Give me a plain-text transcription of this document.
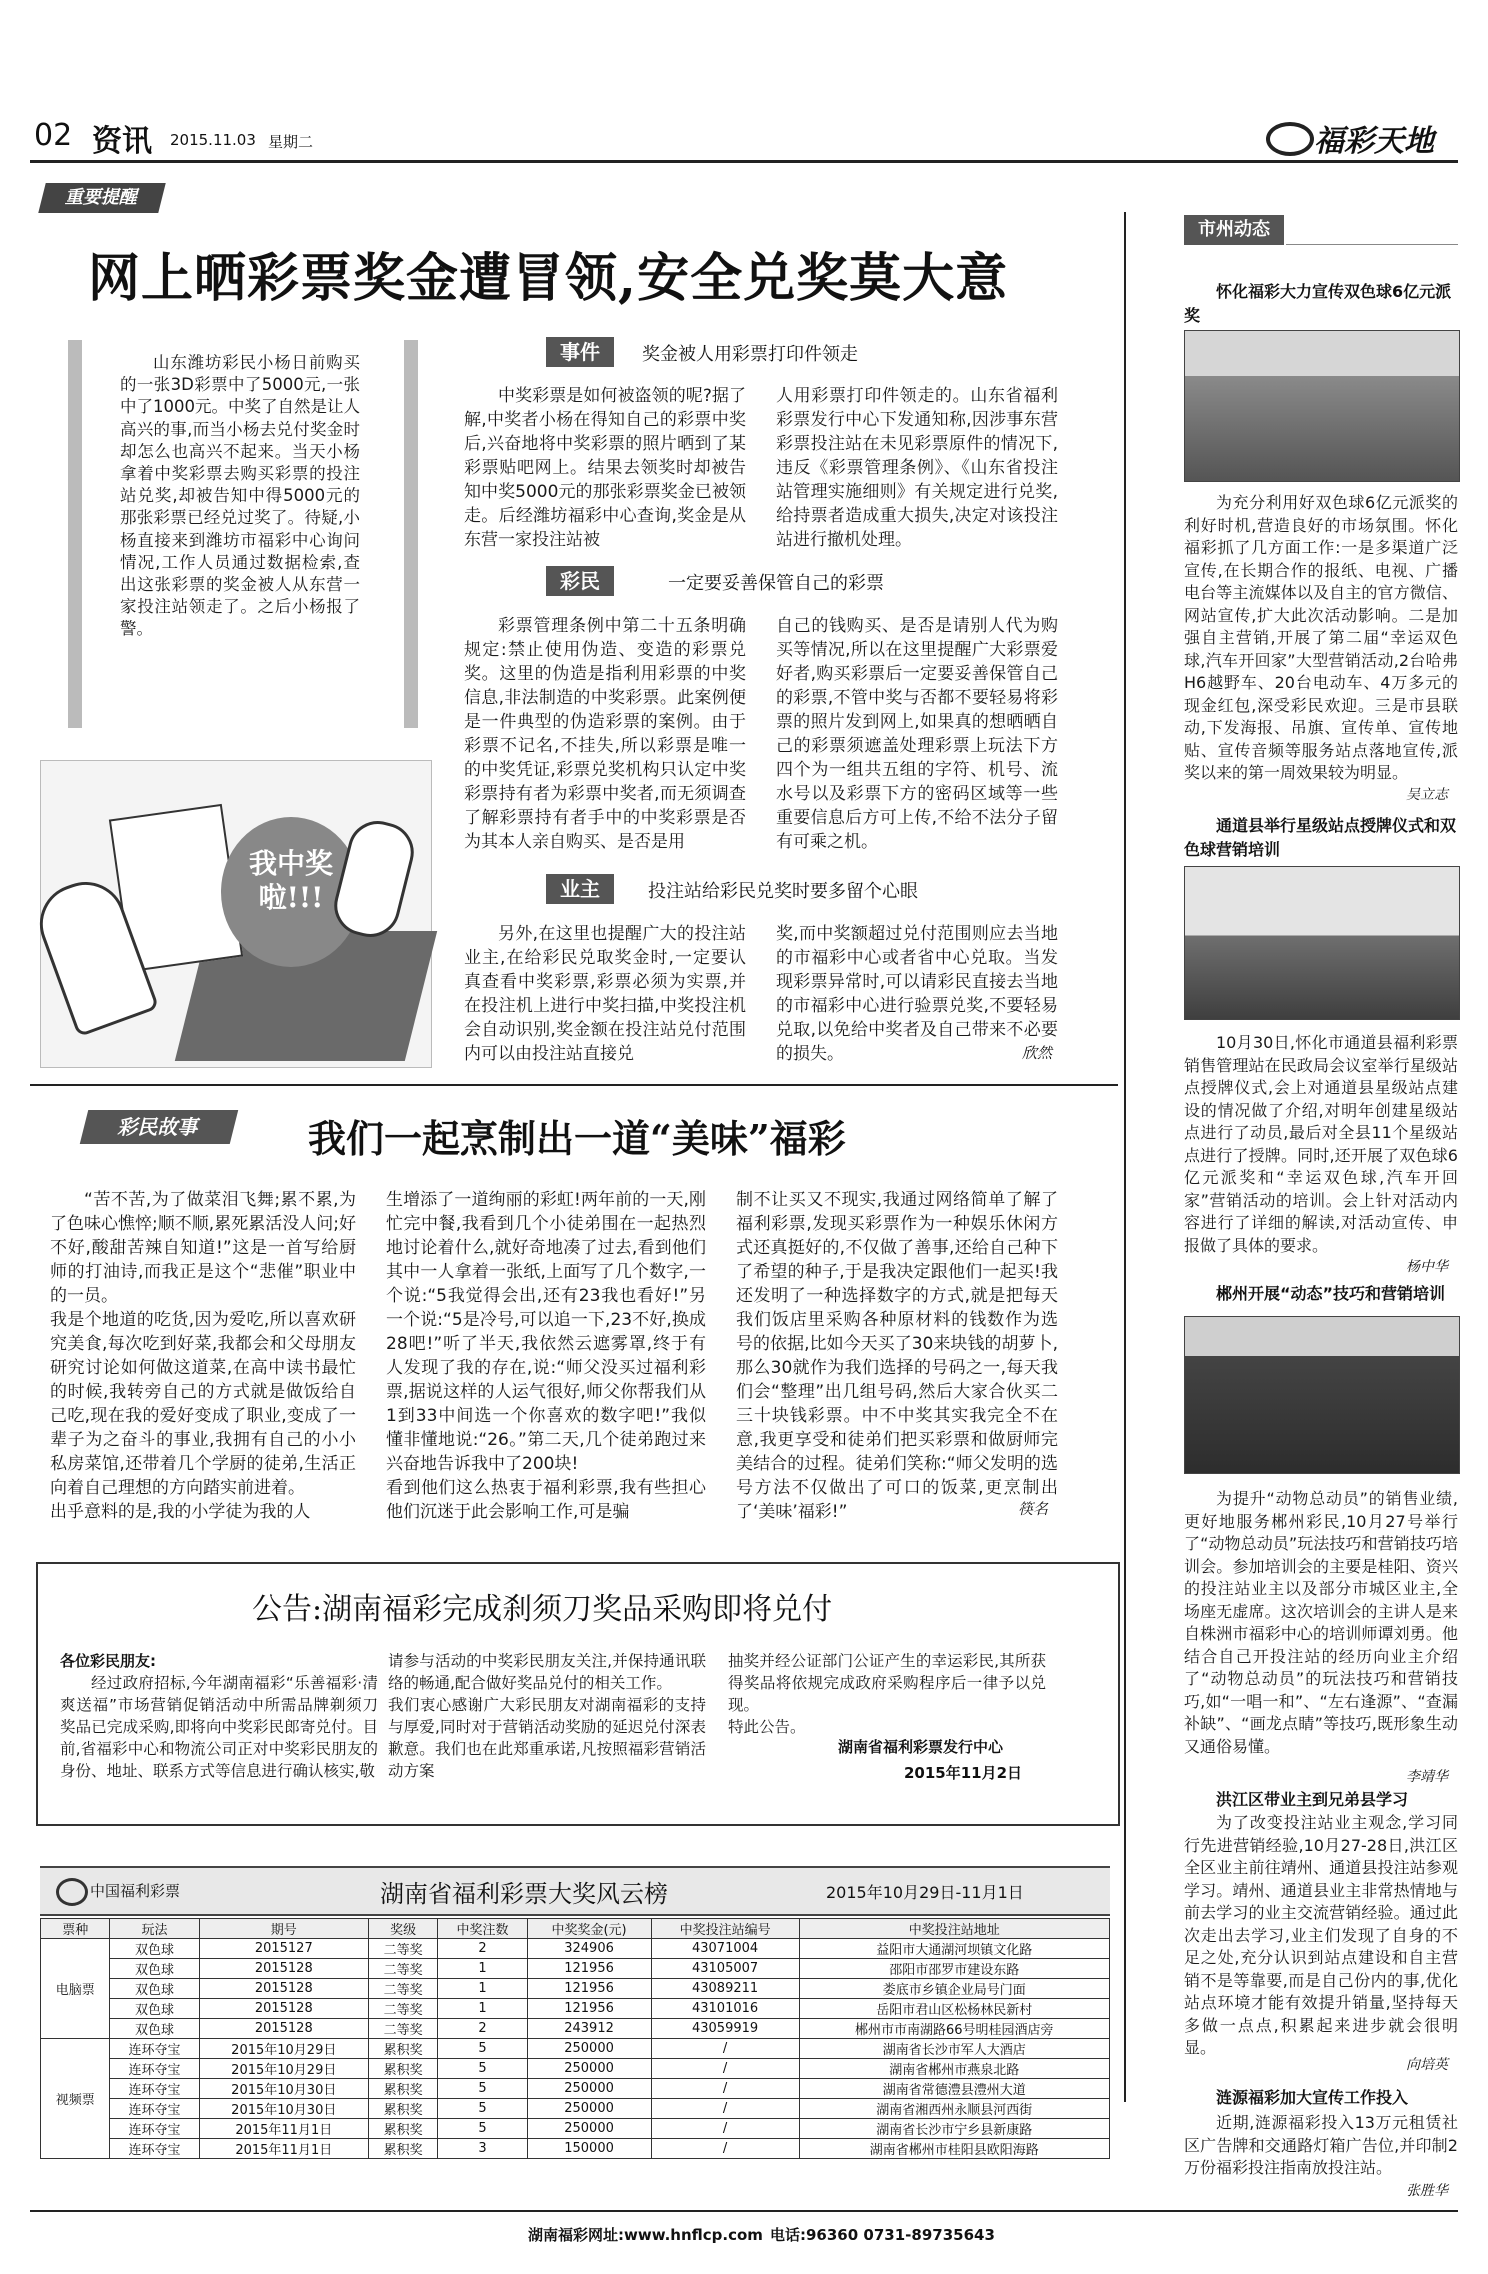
02 资讯 2015.11.03 星期二	福彩天地
重要提醒
网上晒彩票奖金遭冒领,安全兑奖莫大意
山东潍坊彩民小杨日前购买的一张3D彩票中了5000元,一张中了1000元。中奖了自然是让人高兴的事,而当小杨去兑付奖金时却怎么也高兴不起来。当天小杨拿着中奖彩票去购买彩票的投注站兑奖,却被告知中得5000元的那张彩票已经兑过奖了。待疑,小杨直接来到潍坊市福彩中心询问情况,工作人员通过数据检索,查出这张彩票的奖金被人从东营一家投注站领走了。之后小杨报了警。
我中奖啦!!!
事件	奖金被人用彩票打印件领走
中奖彩票是如何被盗领的呢?据了解,中奖者小杨在得知自己的彩票中奖后,兴奋地将中奖彩票的照片晒到了某彩票贴吧网上。结果去领奖时却被告知中奖5000元的那张彩票奖金已被领走。后经潍坊福彩中心查询,奖金是从东营一家投注站被
人用彩票打印件领走的。山东省福利彩票发行中心下发通知称,因涉事东营彩票投注站在未见彩票原件的情况下,违反《彩票管理条例》、《山东省投注站管理实施细则》有关规定进行兑奖,给持票者造成重大损失,决定对该投注站进行撤机处理。
彩民	一定要妥善保管自己的彩票
彩票管理条例中第二十五条明确规定:禁止使用伪造、变造的彩票兑奖。这里的伪造是指利用彩票的中奖信息,非法制造的中奖彩票。此案例便是一件典型的伪造彩票的案例。由于彩票不记名,不挂失,所以彩票是唯一的中奖凭证,彩票兑奖机构只认定中奖彩票持有者为彩票中奖者,而无须调查了解彩票持有者手中的中奖彩票是否为其本人亲自购买、是否是用
自己的钱购买、是否是请别人代为购买等情况,所以在这里提醒广大彩票爱好者,购买彩票后一定要妥善保管自己的彩票,不管中奖与否都不要轻易将彩票的照片发到网上,如果真的想晒晒自己的彩票须遮盖处理彩票上玩法下方四个为一组共五组的字符、机号、流水号以及彩票下方的密码区域等一些重要信息后方可上传,不给不法分子留有可乘之机。
业主	投注站给彩民兑奖时要多留个心眼
另外,在这里也提醒广大的投注站业主,在给彩民兑取奖金时,一定要认真查看中奖彩票,彩票必须为实票,并在投注机上进行中奖扫描,中奖投注机会自动识别,奖金额在投注站兑付范围内可以由投注站直接兑
奖,而中奖额超过兑付范围则应去当地的市福彩中心或者省中心兑取。当发现彩票异常时,可以请彩民直接去当地的市福彩中心进行验票兑奖,不要轻易兑取,以免给中奖者及自己带来不必要的损失。	欣然
彩民故事	我们一起烹制出一道“美味”福彩
“苦不苦,为了做菜泪飞舞;累不累,为了色味心憔悴;顺不顺,累死累活没人问;好不好,酸甜苦辣自知道!”这是一首写给厨师的打油诗,而我正是这个“悲催”职业中的一员。
我是个地道的吃货,因为爱吃,所以喜欢研究美食,每次吃到好菜,我都会和父母朋友研究讨论如何做这道菜,在高中读书最忙的时候,我转旁自己的方式就是做饭给自己吃,现在我的爱好变成了职业,变成了一辈子为之奋斗的事业,我拥有自己的小小私房菜馆,还带着几个学厨的徒弟,生活正向着自己理想的方向踏实前进着。
出乎意料的是,我的小学徒为我的人
生增添了一道绚丽的彩虹!两年前的一天,刚忙完中餐,我看到几个小徒弟围在一起热烈地讨论着什么,就好奇地凑了过去,看到他们其中一人拿着一张纸,上面写了几个数字,一个说:“5我觉得会出,还有23我也看好!”另一个说:“5是冷号,可以追一下,23不好,换成28吧!”听了半天,我依然云遮雾罩,终于有人发现了我的存在,说:“师父没买过福利彩票,据说这样的人运气很好,师父你帮我们从1到33中间选一个你喜欢的数字吧!”我似懂非懂地说:“26。”第二天,几个徒弟跑过来兴奋地告诉我中了200块!
看到他们这么热衷于福利彩票,我有些担心他们沉迷于此会影响工作,可是骗
制不让买又不现实,我通过网络简单了解了福利彩票,发现买彩票作为一种娱乐休闲方式还真挺好的,不仅做了善事,还给自己种下了希望的种子,于是我决定跟他们一起买!我还发明了一种选择数字的方式,就是把每天我们饭店里采购各种原材料的钱数作为选号的依据,比如今天买了30来块钱的胡萝卜,那么30就作为我们选择的号码之一,每天我们会“整理”出几组号码,然后大家合伙买二三十块钱彩票。中不中奖其实我完全不在意,我更享受和徒弟们把买彩票和做厨师完美结合的过程。徒弟们笑称:“师父发明的选号方法不仅做出了可口的饭菜,更烹制出了‘美味’福彩!”	筷名
公告:湖南福彩完成刹须刀奖品采购即将兑付
各位彩民朋友:
经过政府招标,今年湖南福彩“乐善福彩·清爽送福”市场营销促销活动中所需品牌剃须刀奖品已完成采购,即将向中奖彩民郎寄兑付。目前,省福彩中心和物流公司正对中奖彩民朋友的身份、地址、联系方式等信息进行确认核实,敬
请参与活动的中奖彩民朋友关注,并保持通讯联络的畅通,配合做好奖品兑付的相关工作。
我们衷心感谢广大彩民朋友对湖南福彩的支持与厚爱,同时对于营销活动奖励的延迟兑付深表歉意。我们也在此郑重承诺,凡按照福彩营销活动方案
抽奖并经公证部门公证产生的幸运彩民,其所获得奖品将依规完成政府采购程序后一律予以兑现。
特此公告。
湖南省福利彩票发行中心
2015年11月2日
中国福利彩票	湖南省福利彩票大奖风云榜	2015年10月29日-11月1日
票种	玩法	期号	奖级	中奖注数	中奖奖金(元)	中奖投注站编号	中奖投注站地址
电脑票	双色球	2015127	二等奖	2	324906	43071004	益阳市大通湖河坝镇文化路
	双色球	2015128	二等奖	1	121956	43105007	邵阳市邵罗市建设东路
	双色球	2015128	二等奖	1	121956	43089211	娄底市乡镇企业局号门面
	双色球	2015128	二等奖	1	121956	43101016	岳阳市君山区松杨林民新村
	双色球	2015128	二等奖	2	243912	43059919	郴州市市南湖路66号明桂园酒店旁
视频票	连环夺宝	2015年10月29日	累积奖	5	250000	/	湖南省长沙市军人大酒店
	连环夺宝	2015年10月29日	累积奖	5	250000	/	湖南省郴州市燕泉北路
	连环夺宝	2015年10月30日	累积奖	5	250000	/	湖南省常德澧县澧州大道
	连环夺宝	2015年10月30日	累积奖	5	250000	/	湖南省湘西州永顺县河西街
	连环夺宝	2015年11月1日	累积奖	5	250000	/	湖南省长沙市宁乡县新康路
	连环夺宝	2015年11月1日	累积奖	3	150000	/	湖南省郴州市桂阳县欧阳海路
市州动态
怀化福彩大力宣传双色球6亿元派奖
为充分利用好双色球6亿元派奖的利好时机,营造良好的市场氛围。怀化福彩抓了几方面工作:一是多渠道广泛宣传,在长期合作的报纸、电视、广播电台等主流媒体以及自主的官方微信、网站宣传,扩大此次活动影响。二是加强自主营销,开展了第二届“幸运双色球,汽车开回家”大型营销活动,2台哈弗H6越野车、20台电动车、4万多元的现金红包,深受彩民欢迎。三是市县联动,下发海报、吊旗、宣传单、宣传地贴、宣传音频等服务站点落地宣传,派奖以来的第一周效果较为明显。
吴立志
通道县举行星级站点授牌仪式和双色球营销培训
10月30日,怀化市通道县福利彩票销售管理站在民政局会议室举行星级站点授牌仪式,会上对通道县星级站点建设的情况做了介绍,对明年创建星级站点进行了动员,最后对全县11个星级站点进行了授牌。同时,还开展了双色球6亿元派奖和“幸运双色球,汽车开回家”营销活动的培训。会上针对活动内容进行了详细的解读,对活动宣传、申报做了具体的要求。
杨中华
郴州开展“动态”技巧和营销培训
为提升“动物总动员”的销售业绩,更好地服务郴州彩民,10月27号举行了“动物总动员”玩法技巧和营销技巧培训会。参加培训会的主要是桂阳、资兴的投注站业主以及部分市城区业主,全场座无虚席。这次培训会的主讲人是来自株洲市福彩中心的培训师谭刘勇。他结合自己开投注站的经历向业主介绍了“动物总动员”的玩法技巧和营销技巧,如“一唱一和”、“左右逢源”、“查漏补缺”、“画龙点睛”等技巧,既形象生动又通俗易懂。
李靖华
洪江区带业主到兄弟县学习
为了改变投注站业主观念,学习同行先进营销经验,10月27-28日,洪江区全区业主前往靖州、通道县投注站参观学习。靖州、通道县业主非常热情地与前去学习的业主交流营销经验。通过此次走出去学习,业主们发现了自身的不足之处,充分认识到站点建设和自主营销不是等靠要,而是自己份内的事,优化站点环境才能有效提升销量,坚持每天多做一点点,积累起来进步就会很明显。
向培英
涟源福彩加大宣传工作投入
近期,涟源福彩投入13万元租赁社区广告牌和交通路灯箱广告位,并印制2万份福彩投注指南放投注站。
张胜华
湖南福彩网址:www.hnflcp.com 电话:96360 0731-89735643
